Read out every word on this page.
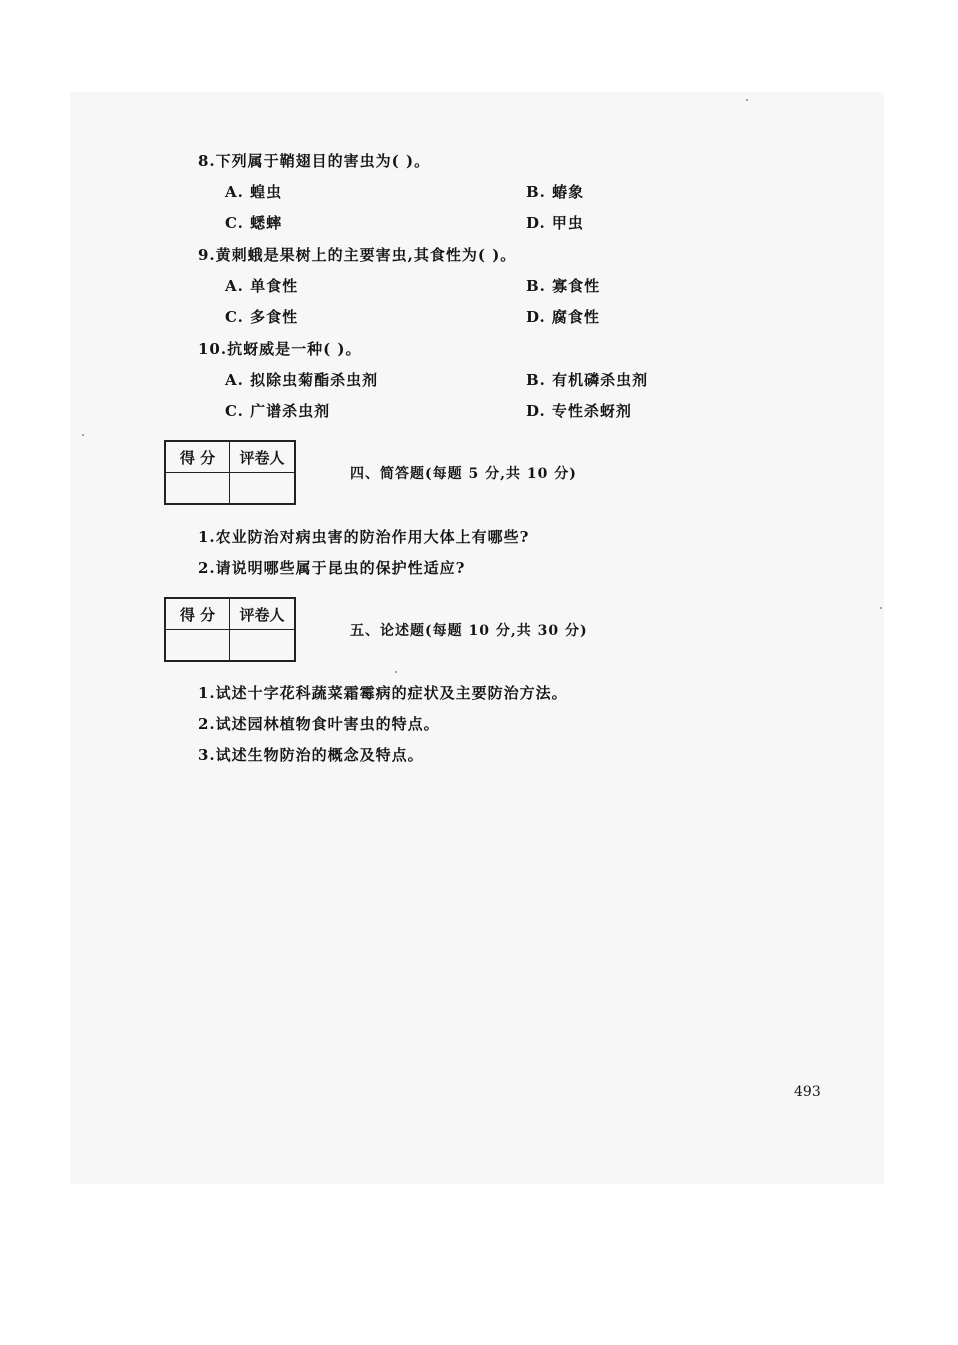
8.下列属于鞘翅目的害虫为( )。
A. 蝗虫	B. 蝽象
C. 蟋蟀	D. 甲虫
9.黄刺蛾是果树上的主要害虫,其食性为( )。
A. 单食性	B. 寡食性
C. 多食性	D. 腐食性
10.抗蚜威是一种( )。
A. 拟除虫菊酯杀虫剂	B. 有机磷杀虫剂
C. 广谱杀虫剂	D. 专性杀蚜剂
得 分	评卷人

四、简答题(每题 5 分,共 10 分)
1.农业防治对病虫害的防治作用大体上有哪些?
2.请说明哪些属于昆虫的保护性适应?
得 分	评卷人

五、论述题(每题 10 分,共 30 分)
1.试述十字花科蔬菜霜霉病的症状及主要防治方法。
2.试述园林植物食叶害虫的特点。
3.试述生物防治的概念及特点。
493
